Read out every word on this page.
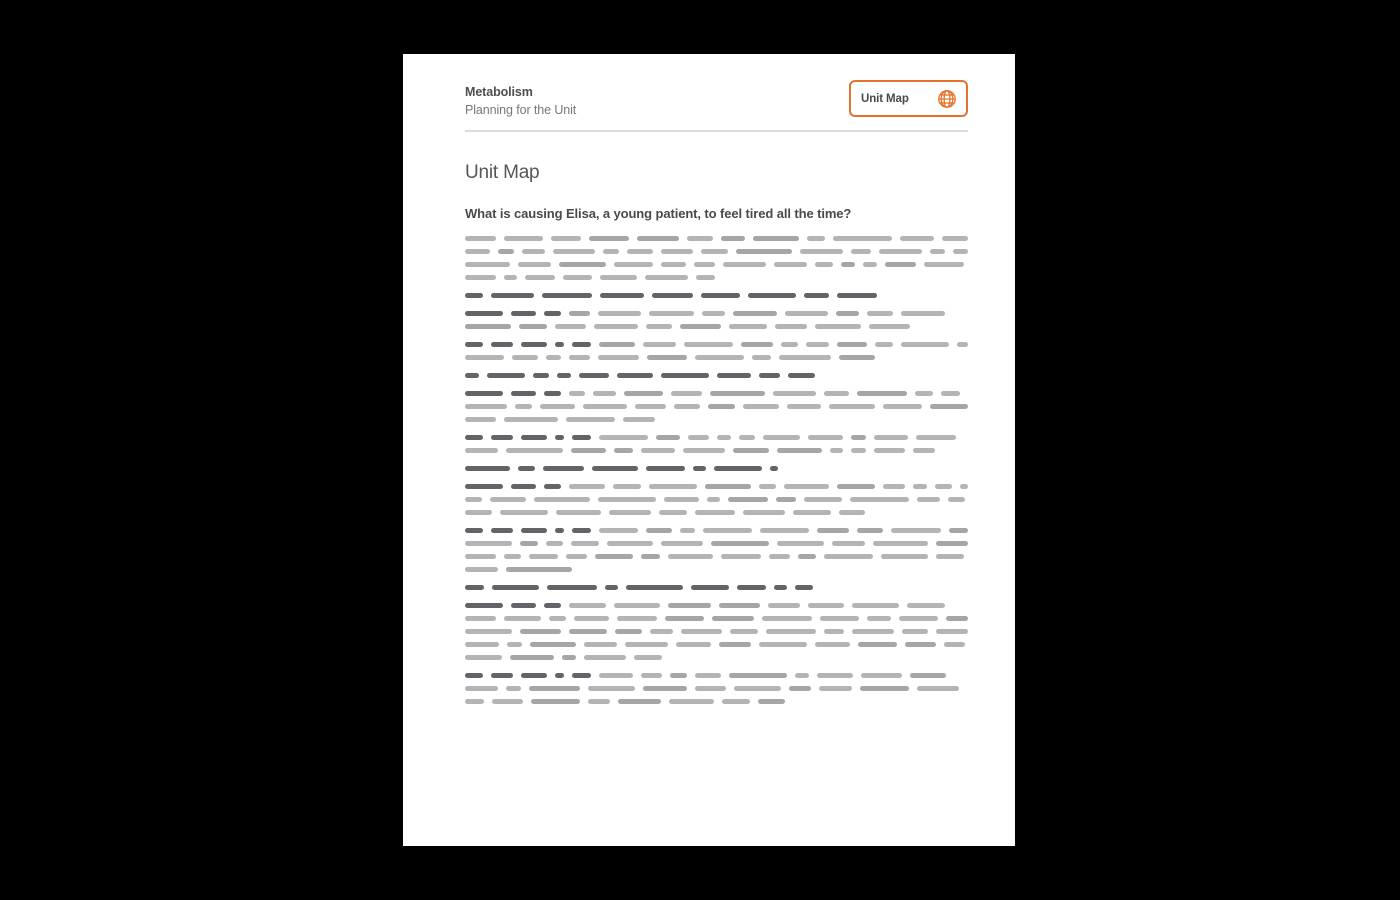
Metabolism
Planning for the Unit
Unit Map
Unit Map
What is causing Elisa, a young patient, to feel tired all the time?
